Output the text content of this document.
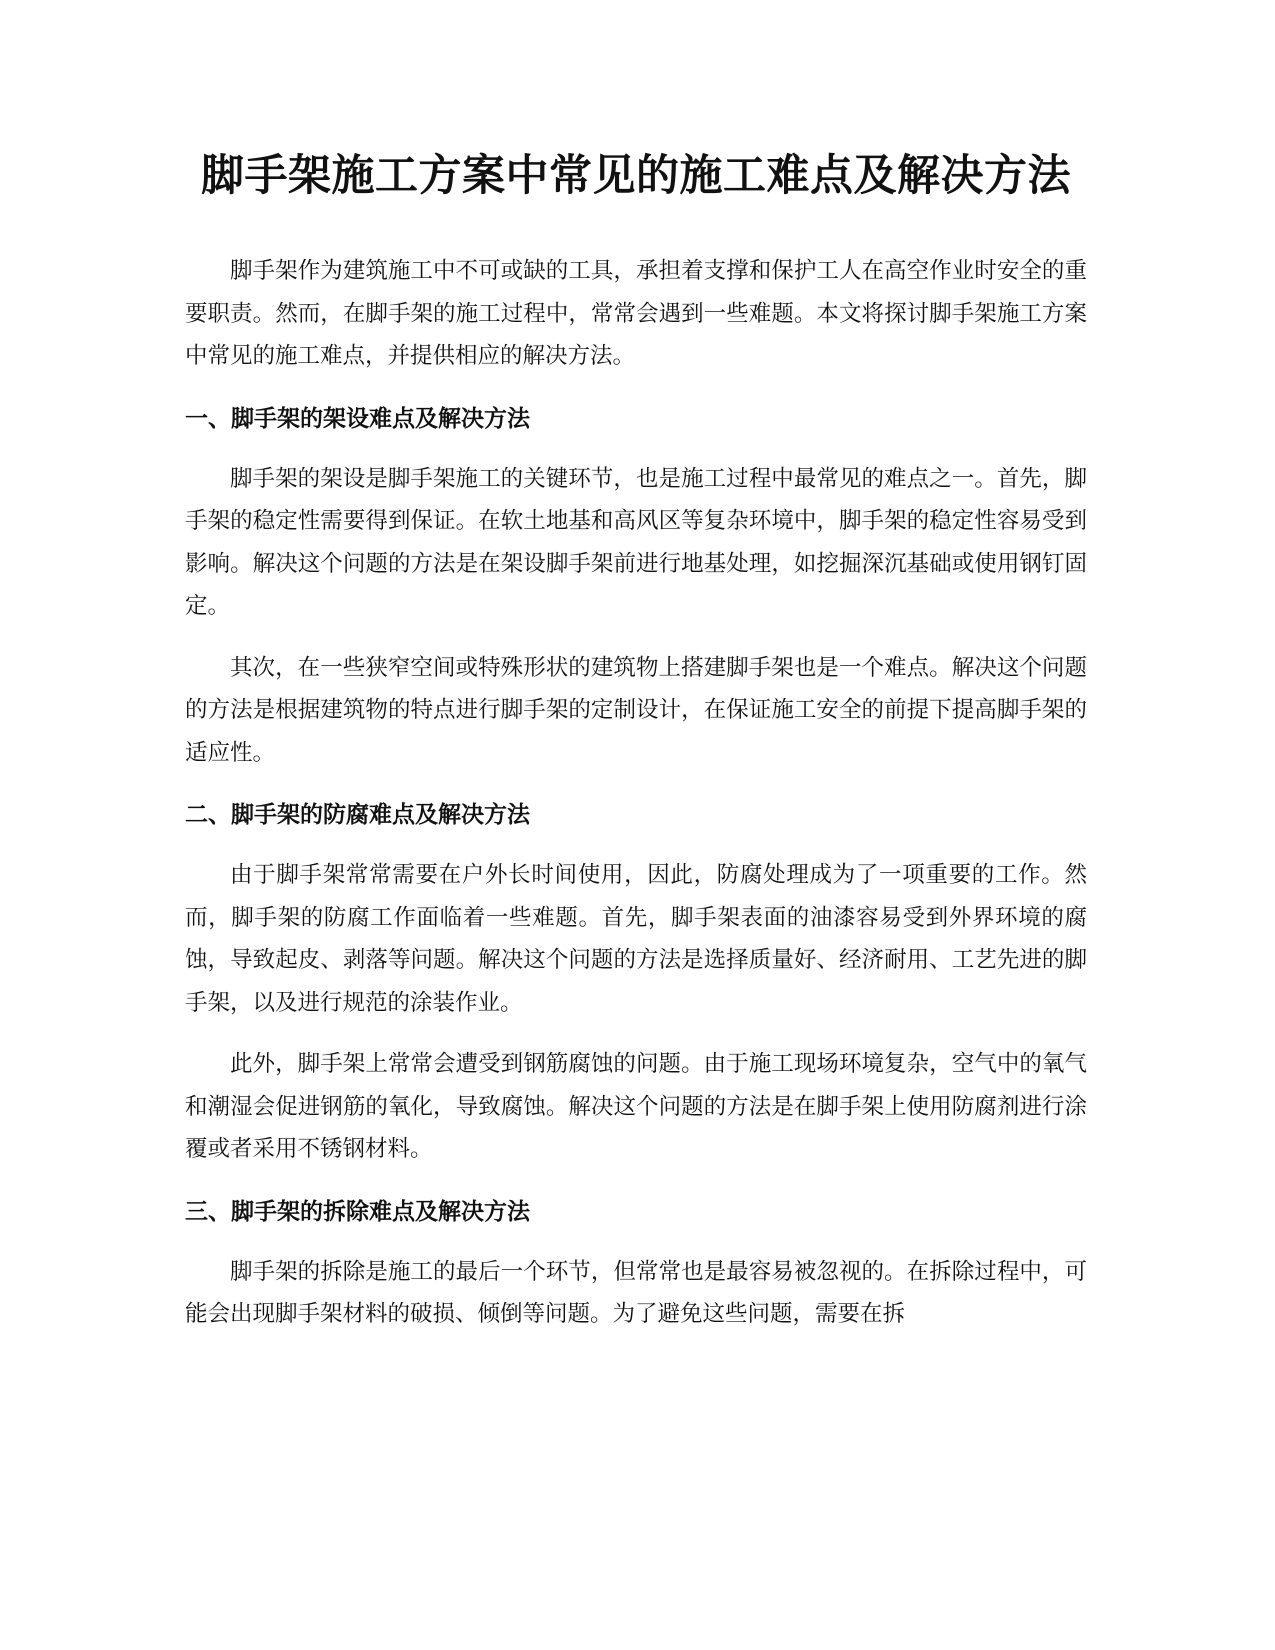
脚手架施工方案中常见的施工难点及解决方法

脚手架作为建筑施工中不可或缺的工具，承担着支撑和保护工人在高空作业时安全的重要职责。然而，在脚手架的施工过程中，常常会遇到一些难题。本文将探讨脚手架施工方案中常见的施工难点，并提供相应的解决方法。

一、脚手架的架设难点及解决方法

脚手架的架设是脚手架施工的关键环节，也是施工过程中最常见的难点之一。首先，脚手架的稳定性需要得到保证。在软土地基和高风区等复杂环境中，脚手架的稳定性容易受到影响。解决这个问题的方法是在架设脚手架前进行地基处理，如挖掘深沉基础或使用钢钉固定。

其次，在一些狭窄空间或特殊形状的建筑物上搭建脚手架也是一个难点。解决这个问题的方法是根据建筑物的特点进行脚手架的定制设计，在保证施工安全的前提下提高脚手架的适应性。

二、脚手架的防腐难点及解决方法

由于脚手架常常需要在户外长时间使用，因此，防腐处理成为了一项重要的工作。然而，脚手架的防腐工作面临着一些难题。首先，脚手架表面的油漆容易受到外界环境的腐蚀，导致起皮、剥落等问题。解决这个问题的方法是选择质量好、经济耐用、工艺先进的脚手架，以及进行规范的涂装作业。

此外，脚手架上常常会遭受到钢筋腐蚀的问题。由于施工现场环境复杂，空气中的氧气和潮湿会促进钢筋的氧化，导致腐蚀。解决这个问题的方法是在脚手架上使用防腐剂进行涂覆或者采用不锈钢材料。

三、脚手架的拆除难点及解决方法

脚手架的拆除是施工的最后一个环节，但常常也是最容易被忽视的。在拆除过程中，可能会出现脚手架材料的破损、倾倒等问题。为了避免这些问题，需要在拆
